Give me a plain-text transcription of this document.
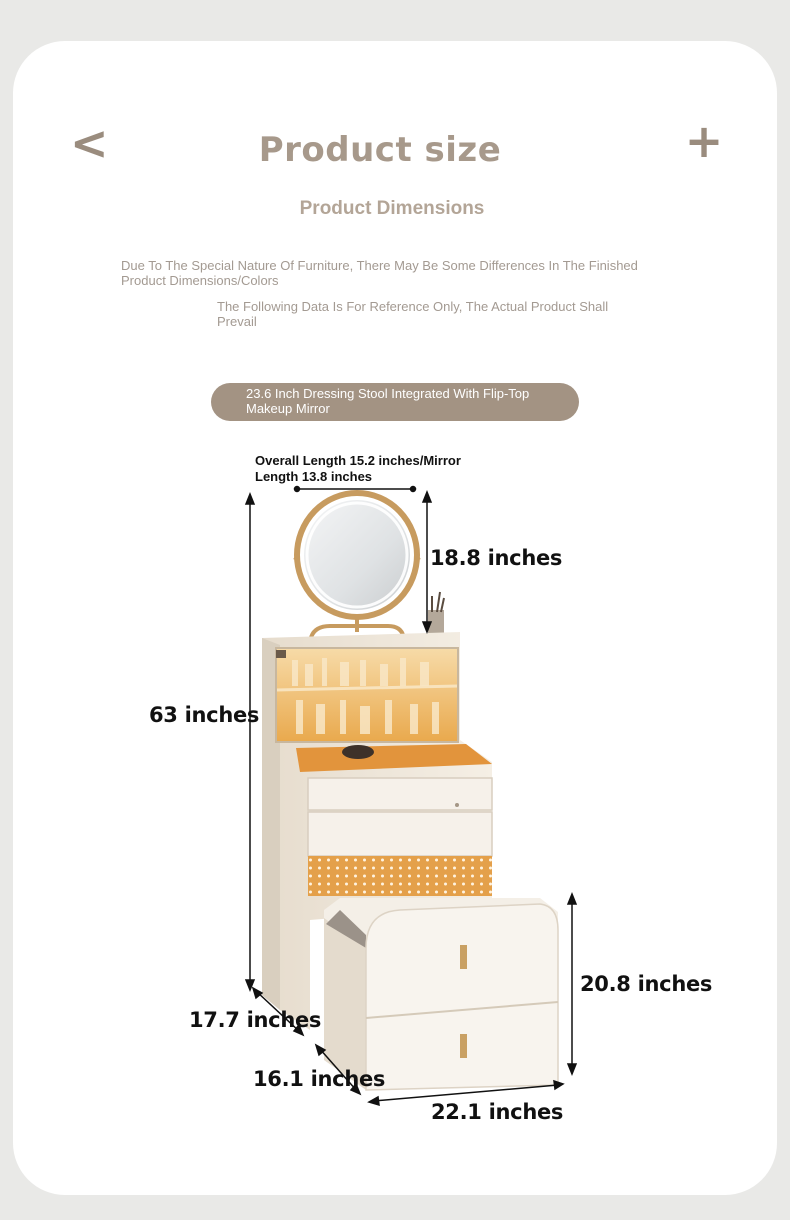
<	+
Product size
Product Dimensions
Due To The Special Nature Of Furniture, There May Be Some Differences In The Finished Product Dimensions/Colors
The Following Data Is For Reference Only, The Actual Product Shall Prevail
23.6 Inch Dressing Stool Integrated With Flip-Top Makeup Mirror
Overall Length 15.2 inches/Mirror Length 13.8 inches
18.8 inches
63 inches
20.8 inches
17.7 inches
16.1 inches
22.1 inches
